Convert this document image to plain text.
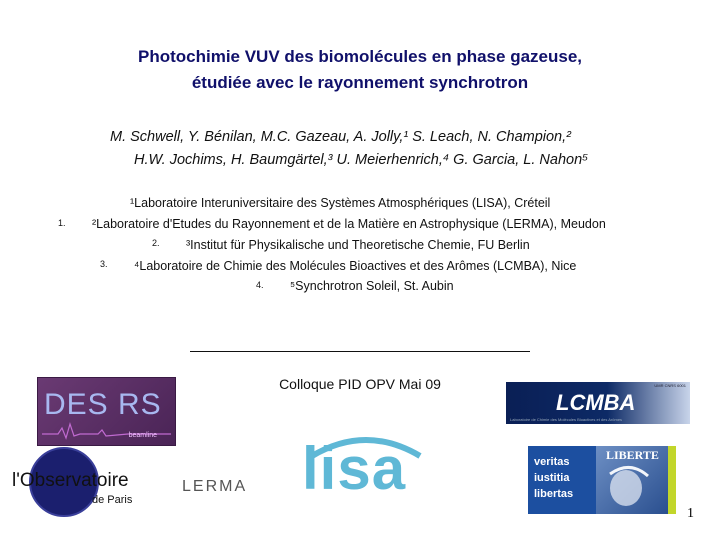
Photochimie VUV des biomolécules en phase gazeuse,
étudiée avec le rayonnement synchrotron
M. Schwell, Y. Bénilan, M.C. Gazeau, A. Jolly,¹ S. Leach, N. Champion,²
H.W. Jochims, H. Baumgärtel,³ U. Meierhenrich,⁴ G. Garcia, L. Nahon⁵
¹Laboratoire Interuniversitaire des Systèmes Atmosphériques (LISA), Créteil
1. ²Laboratoire d'Etudes du Rayonnement et de la Matière en Astrophysique (LERMA), Meudon
2. ³Institut für Physikalische und Theoretische Chemie, FU Berlin
3. ⁴Laboratoire de Chimie des Molécules Bioactives et des Arômes (LCMBA), Nice
4. ⁵Synchrotron Soleil, St. Aubin
Colloque PID OPV Mai 09
DES RS
beamline
UMR CNRS 6001
LCMBA
Laboratoire de Chimie des Molécules Bioactives et des Arômes
l'Observatoire
de Paris
LERMA lisa	veritas
iustitia
libertas
LIBERTE
1
